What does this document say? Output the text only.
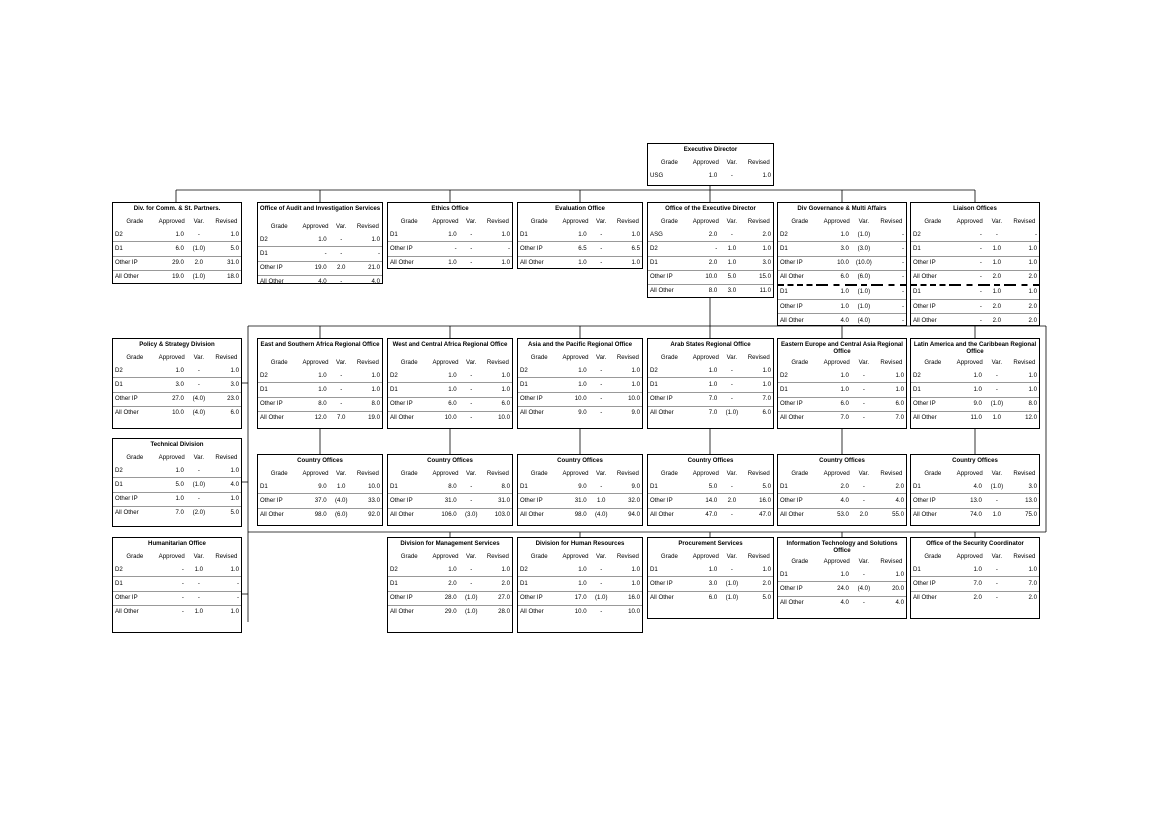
Executive Director
Grade	Approved	Var.	Revised
USG	1.0	-	1.0
Div. for Comm. & St. Partners.
Grade	Approved	Var.	Revised
D2	1.0	-	1.0
D1	6.0	(1.0)	5.0
Other IP	29.0	2.0	31.0
All Other	19.0	(1.0)	18.0
Office of Audit and Investigation Services
Grade	Approved	Var.	Revised
D2	1.0	-	1.0
D1	-	-	-
Other IP	19.0	2.0	21.0
All Other	4.0	-	4.0
Ethics Office
Grade	Approved	Var.	Revised
D1	1.0	-	1.0
Other IP	-	-	-
All Other	1.0	-	1.0
Evaluation Office
Grade	Approved	Var.	Revised
D1	1.0	-	1.0
Other IP	6.5	-	6.5
All Other	1.0	-	1.0
Office of the Executive Director
Grade	Approved	Var.	Revised
ASG	2.0	-	2.0
D2	-	1.0	1.0
D1	2.0	1.0	3.0
Other IP	10.0	5.0	15.0
All Other	8.0	3.0	11.0
Div Governance & Multi Affairs
Grade	Approved	Var.	Revised
D2	1.0	(1.0)	-
D1	3.0	(3.0)	-
Other IP	10.0	(10.0)	-
All Other	6.0	(6.0)	-
D1	1.0	(1.0)	-
Other IP	1.0	(1.0)	-
All Other	4.0	(4.0)	-
Liaison Offices
Grade	Approved	Var.	Revised
D2	-	-	-
D1	-	1.0	1.0
Other IP	-	1.0	1.0
All Other	-	2.0	2.0
D1	-	1.0	1.0
Other IP	-	2.0	2.0
All Other	-	2.0	2.0
Policy & Strategy Division
Grade	Approved	Var.	Revised
D2	1.0	-	1.0
D1	3.0	-	3.0
Other IP	27.0	(4.0)	23.0
All Other	10.0	(4.0)	6.0
Technical Division
Grade	Approved	Var.	Revised
D2	1.0	-	1.0
D1	5.0	(1.0)	4.0
Other IP	1.0	-	1.0
All Other	7.0	(2.0)	5.0
Humanitarian Office
Grade	Approved	Var.	Revised
D2	-	1.0	1.0
D1	-	-	-
Other IP	-	-	-
All Other	-	1.0	1.0
East and Southern Africa Regional Office
Grade	Approved	Var.	Revised
D2	1.0	-	1.0
D1	1.0	-	1.0
Other IP	8.0	-	8.0
All Other	12.0	7.0	19.0
West and Central Africa Regional Office
Grade	Approved	Var.	Revised
D2	1.0	-	1.0
D1	1.0	-	1.0
Other IP	6.0	-	6.0
All Other	10.0	-	10.0
Asia and the Pacific Regional Office
Grade	Approved	Var.	Revised
D2	1.0	-	1.0
D1	1.0	-	1.0
Other IP	10.0	-	10.0
All Other	9.0	-	9.0
Arab States Regional Office
Grade	Approved	Var.	Revised
D2	1.0	-	1.0
D1	1.0	-	1.0
Other IP	7.0	-	7.0
All Other	7.0	(1.0)	6.0
Eastern Europe and Central Asia Regional Office
Grade	Approved	Var.	Revised
D2	1.0	-	1.0
D1	1.0	-	1.0
Other IP	6.0	-	6.0
All Other	7.0	-	7.0
Latin America and the Caribbean Regional Office
Grade	Approved	Var.	Revised
D2	1.0	-	1.0
D1	1.0	-	1.0
Other IP	9.0	(1.0)	8.0
All Other	11.0	1.0	12.0
Country Offices
Grade	Approved	Var.	Revised
D1	9.0	1.0	10.0
Other IP	37.0	(4.0)	33.0
All Other	98.0	(6.0)	92.0
Country Offices
Grade	Approved	Var.	Revised
D1	8.0	-	8.0
Other IP	31.0	-	31.0
All Other	106.0	(3.0)	103.0
Country Offices
Grade	Approved	Var.	Revised
D1	9.0	-	9.0
Other IP	31.0	1.0	32.0
All Other	98.0	(4.0)	94.0
Country Offices
Grade	Approved	Var.	Revised
D1	5.0	-	5.0
Other IP	14.0	2.0	16.0
All Other	47.0	-	47.0
Country Offices
Grade	Approved	Var.	Revised
D1	2.0	-	2.0
Other IP	4.0	-	4.0
All Other	53.0	2.0	55.0
Country Offices
Grade	Approved	Var.	Revised
D1	4.0	(1.0)	3.0
Other IP	13.0	-	13.0
All Other	74.0	1.0	75.0
Division for Management Services
Grade	Approved	Var.	Revised
D2	1.0	-	1.0
D1	2.0	-	2.0
Other IP	28.0	(1.0)	27.0
All Other	29.0	(1.0)	28.0
Division for Human Resources
Grade	Approved	Var.	Revised
D2	1.0	-	1.0
D1	1.0	-	1.0
Other IP	17.0	(1.0)	16.0
All Other	10.0	-	10.0
Procurement Services
Grade	Approved	Var.	Revised
D1	1.0	-	1.0
Other IP	3.0	(1.0)	2.0
All Other	6.0	(1.0)	5.0
Information Technology and Solutions Office
Grade	Approved	Var.	Revised
D1	1.0	-	1.0
Other IP	24.0	(4.0)	20.0
All Other	4.0	-	4.0
Office of the Security Coordinator
Grade	Approved	Var.	Revised
D1	1.0	-	1.0
Other IP	7.0	-	7.0
All Other	2.0	-	2.0
